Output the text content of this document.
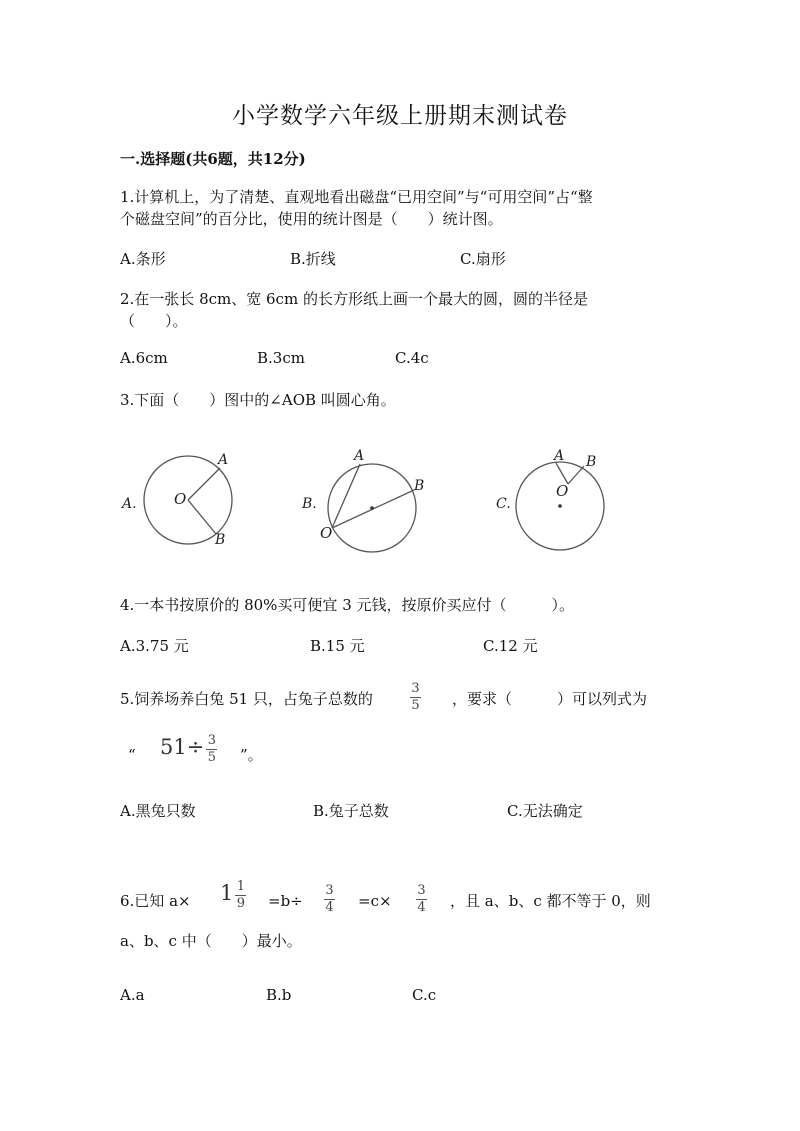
小学数学六年级上册期末测试卷
一.选择题(共6题，共12分)
1.计算机上，为了清楚、直观地看出磁盘“已用空间”与“可用空间”占“整
个磁盘空间”的百分比，使用的统计图是（　　）统计图。
A.条形	B.折线	C.扇形
2.在一张长 8cm、宽 6cm 的长方形纸上画一个最大的圆，圆的半径是
（　　）。
A.6cm	B.3cm	C.4c
3.下面（　　）图中的∠AOB 叫圆心角。
A. O
A
B
B.
O
A
B
C.
O
A B
4.一本书按原价的 80%买可便宜 3 元钱，按原价买应付（　　　）。
A.3.75 元	B.15 元	C.12 元
5.饲养场养白兔 51 只，占兔子总数的	$\frac{3}{5}$ ，要求（　　　）可以列式为
“ $51\div \frac{3}{5}$ ”。
A.黑兔只数	B.兔子总数	C.无法确定
6.已知 $a\times 1 \frac{1}{9} =b\div \frac{3}{4} =c\times \frac{3}{4}$ ，且 a、b、c 都不等于 0，则
a、b、c 中（　　）最小。
A.a	B.b	C.c
